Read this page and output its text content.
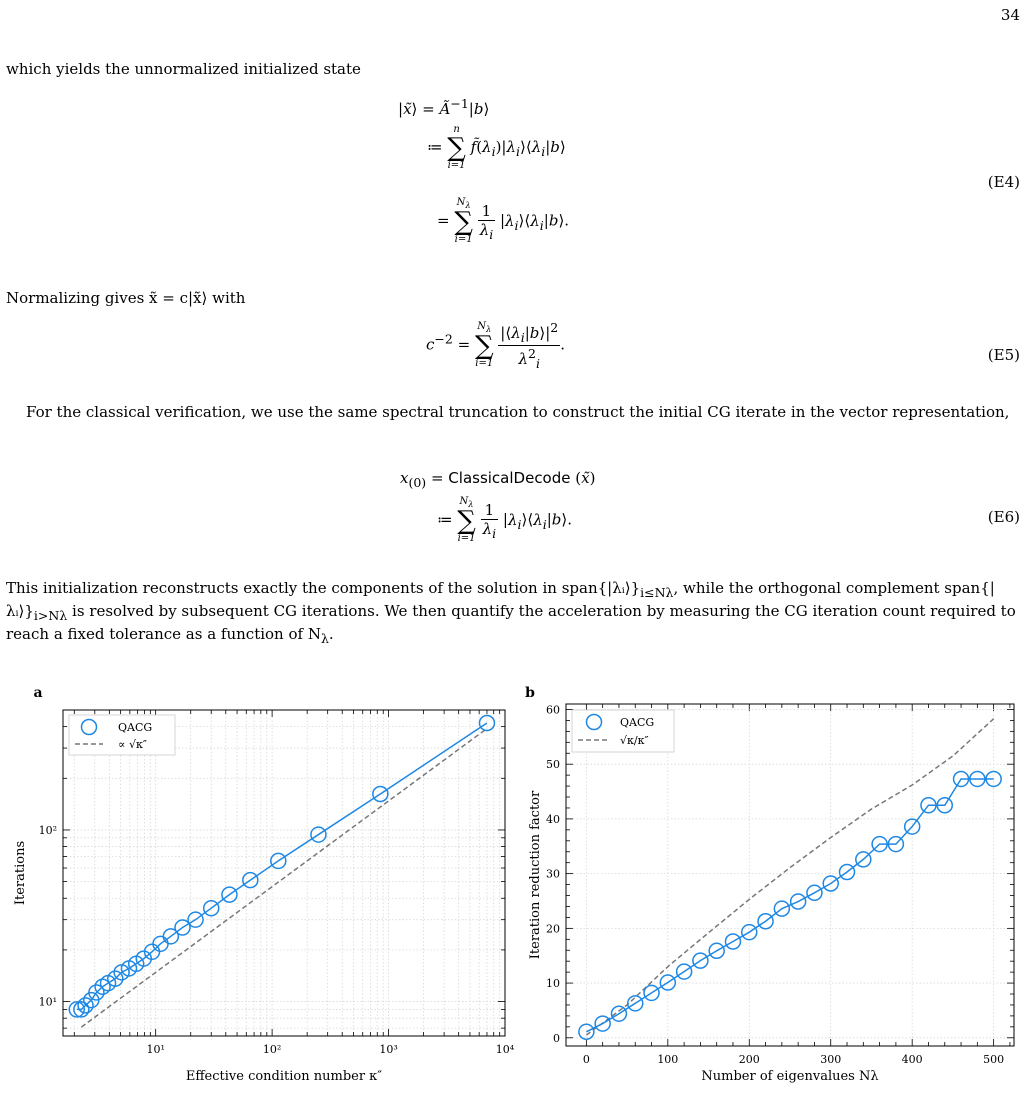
34
which yields the unnormalized initialized state
|x̃⟩ = $Ã^{-1}|b⟩$
≔
n
∑
i=1
$f̃(\lambda_i)|\lambda_i⟩⟨\lambda_i|b⟩$
=
$N_\lambda$
∑
i=1
$\frac{1}{\lambda_i}$ $|\lambda_i⟩⟨\lambda_i|b⟩$.
(E4)
Normalizing gives x̃ = c|x̃⟩ with
$c^{-2}$ =
$N_\lambda$
∑
i=1
$\frac{|⟨\lambda_i|b⟩|^2}{\lambda^2_i}$ .
(E5)
For the classical verification, we use the same spectral truncation to construct the initial CG iterate in the vector representation,
$x_{(0)}$ = ClassicalDecode (x̃)
≔
$N_\lambda$
∑
i=1
$\frac{1}{\lambda_i}$ $|\lambda_i⟩⟨\lambda_i|b⟩$.	(E6)
This initialization reconstructs exactly the components of the solution in $span\{|\lambda ᵢ⟩\}_{i\le N\lambda}$, while the orthogonal complement $span\{|\lambda ᵢ⟩\}_{i>N\lambda}$ is resolved by subsequent CG iterations. We then quantify the acceleration by measuring the CG iteration count required to reach a fixed tolerance as a function of $N_\lambda$.
10¹	10²	10³	10⁴
10¹
10²
QACG
∝ √κ″
a
Effective condition number κ″
Iterations
0	100	200	300	400	500
0
10
20
30
40
50
60
QACG
√κ/κ″
b
Number of eigenvalues Nλ
Iteration reduction factor
